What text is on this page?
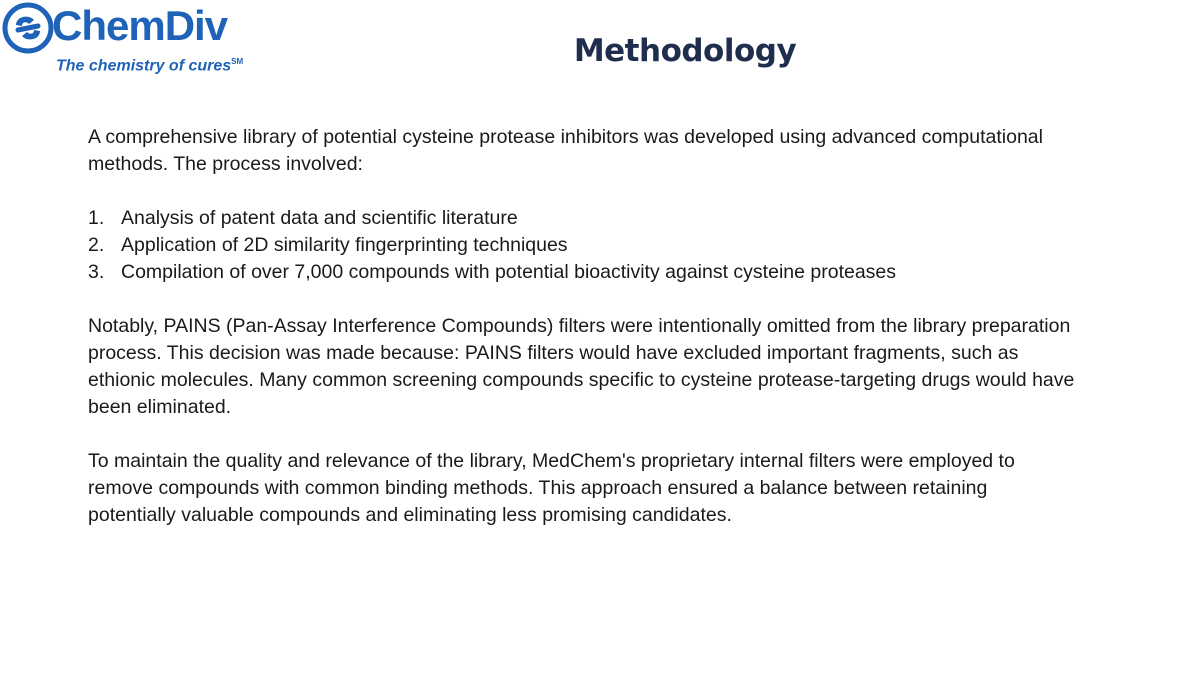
ChemDiv
The chemistry of cures℠	Methodology

A comprehensive library of potential cysteine protease inhibitors was developed using advanced computational methods. The process involved:

1. Analysis of patent data and scientific literature
2. Application of 2D similarity fingerprinting techniques
3. Compilation of over 7,000 compounds with potential bioactivity against cysteine proteases

Notably, PAINS (Pan-Assay Interference Compounds) filters were intentionally omitted from the library preparation process. This decision was made because: PAINS filters would have excluded important fragments, such as ethionic molecules. Many common screening compounds specific to cysteine protease-targeting drugs would have been eliminated.

To maintain the quality and relevance of the library, MedChem's proprietary internal filters were employed to remove compounds with common binding methods. This approach ensured a balance between retaining potentially valuable compounds and eliminating less promising candidates.
